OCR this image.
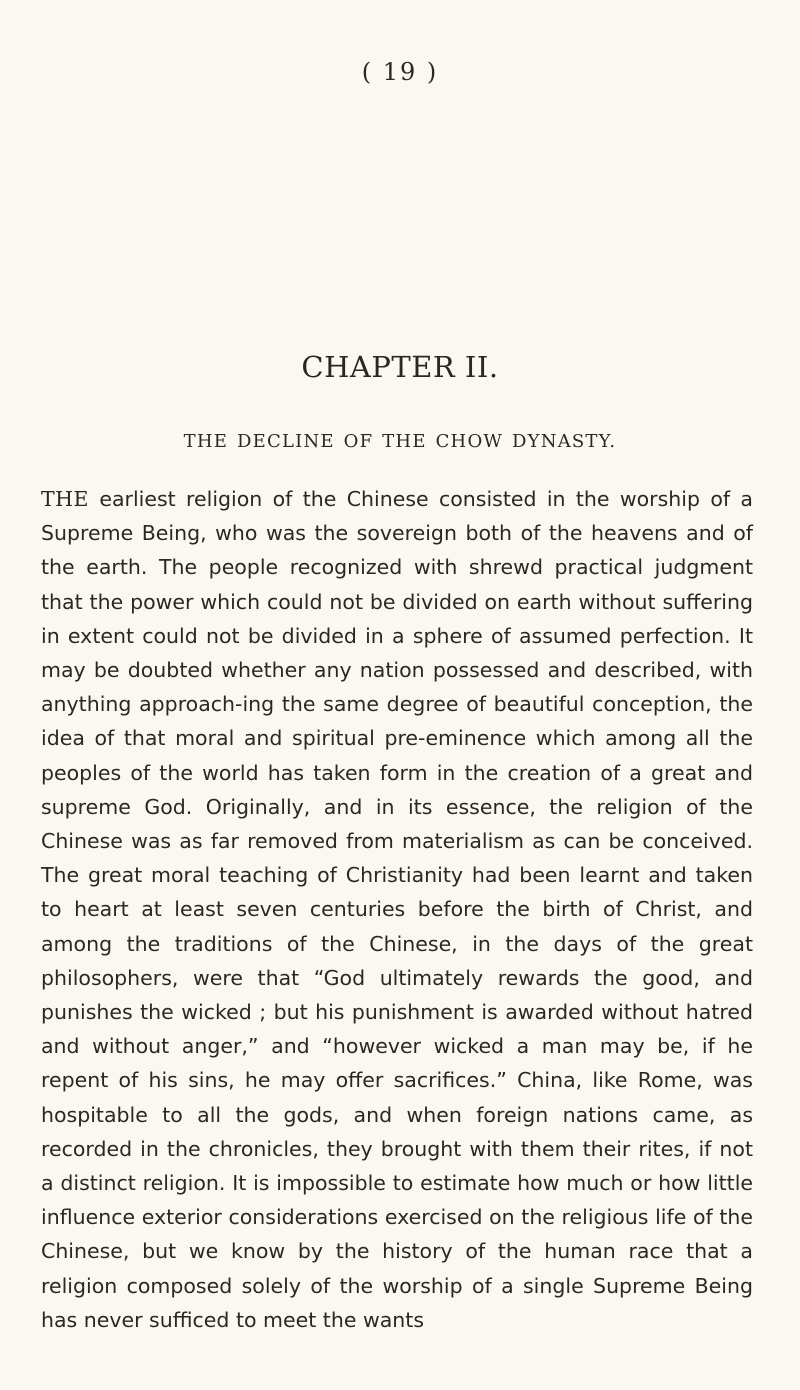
( 19 )
CHAPTER II.
THE DECLINE OF THE CHOW DYNASTY.

THE earliest religion of the Chinese consisted in the worship of a Supreme Being, who was the sovereign both of the heavens and of the earth. The people recognized with shrewd practical judgment that the power which could not be divided on earth without suffering in extent could not be divided in a sphere of assumed perfection. It may be doubted whether any nation possessed and described, with anything approach-ing the same degree of beautiful conception, the idea of that moral and spiritual pre-eminence which among all the peoples of the world has taken form in the creation of a great and supreme God. Originally, and in its essence, the religion of the Chinese was as far removed from materialism as can be conceived. The great moral teaching of Christianity had been learnt and taken to heart at least seven centuries before the birth of Christ, and among the traditions of the Chinese, in the days of the great philosophers, were that “God ultimately rewards the good, and punishes the wicked ; but his punishment is awarded without hatred and without anger,” and “however wicked a man may be, if he repent of his sins, he may offer sacrifices.” China, like Rome, was hospitable to all the gods, and when foreign nations came, as recorded in the chronicles, they brought with them their rites, if not a distinct religion. It is impossible to estimate how much or how little influence exterior considerations exercised on the religious life of the Chinese, but we know by the history of the human race that a religion composed solely of the worship of a single Supreme Being has never sufficed to meet the wants
